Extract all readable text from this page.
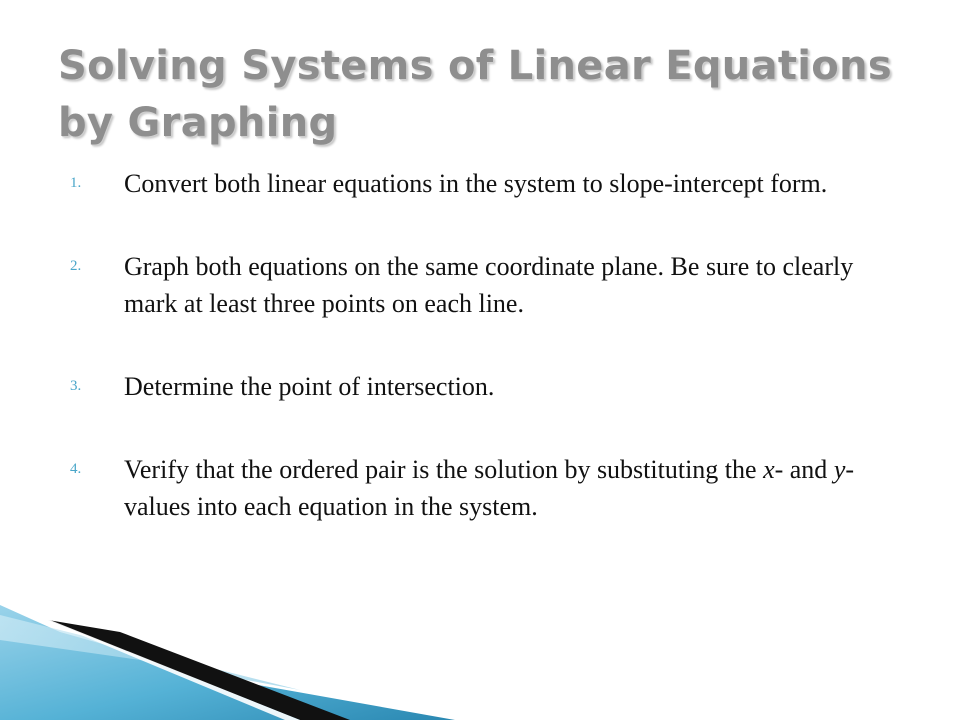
Solving Systems of Linear Equations by Graphing
1. Convert both linear equations in the system to slope-intercept form.
2. Graph both equations on the same coordinate plane. Be sure to clearly mark at least three points on each line.
3. Determine the point of intersection.
4. Verify that the ordered pair is the solution by substituting the x- and y-values into each equation in the system.
